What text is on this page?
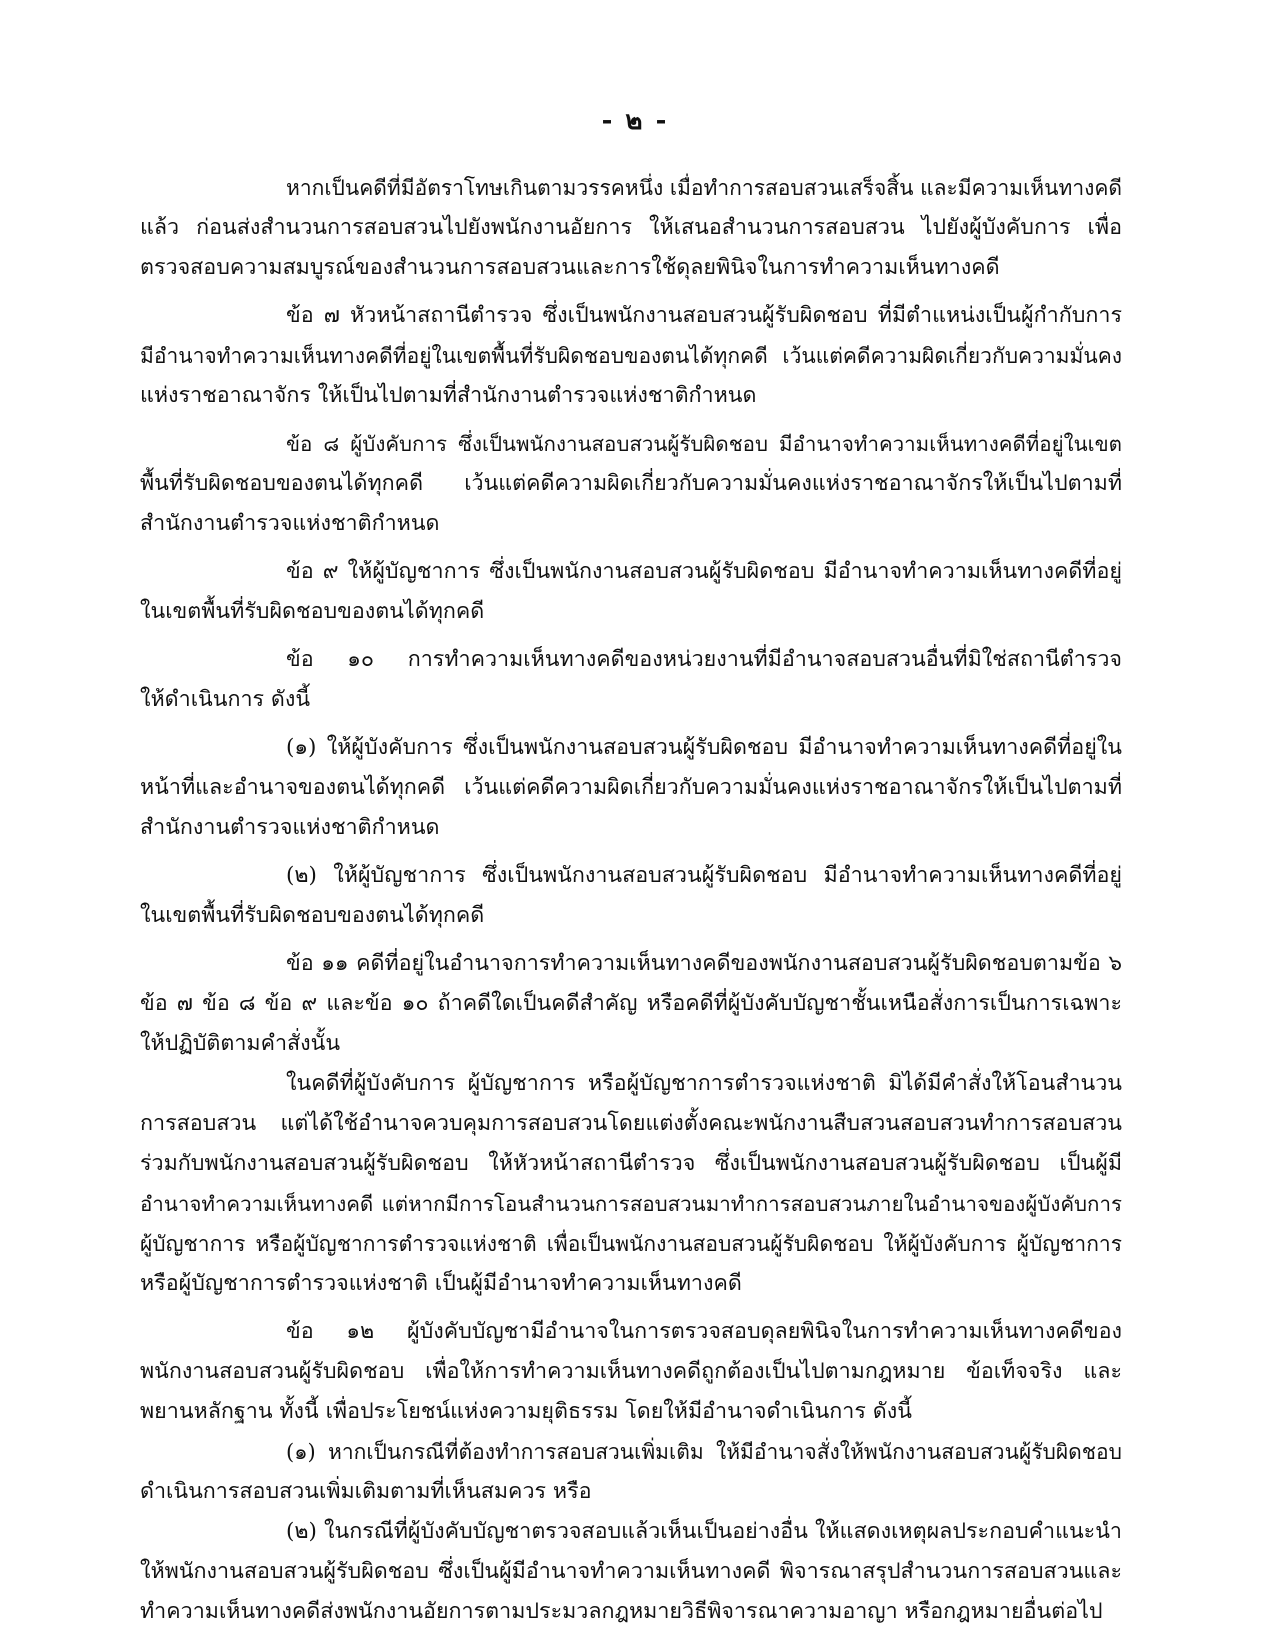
- ๒ -
หากเป็นคดีที่มีอัตราโทษเกินตามวรรคหนึ่ง เมื่อทำการสอบสวนเสร็จสิ้น และมีความเห็นทางคดี
แล้ว ก่อนส่งสำนวนการสอบสวนไปยังพนักงานอัยการ ให้เสนอสำนวนการสอบสวน ไปยังผู้บังคับการ เพื่อ
ตรวจสอบความสมบูรณ์ของสำนวนการสอบสวนและการใช้ดุลยพินิจในการทำความเห็นทางคดี
ข้อ ๗ หัวหน้าสถานีตำรวจ ซึ่งเป็นพนักงานสอบสวนผู้รับผิดชอบ ที่มีตำแหน่งเป็นผู้กำกับการ
มีอำนาจทำความเห็นทางคดีที่อยู่ในเขตพื้นที่รับผิดชอบของตนได้ทุกคดี เว้นแต่คดีความผิดเกี่ยวกับความมั่นคง
แห่งราชอาณาจักร ให้เป็นไปตามที่สำนักงานตำรวจแห่งชาติกำหนด
ข้อ ๘ ผู้บังคับการ ซึ่งเป็นพนักงานสอบสวนผู้รับผิดชอบ มีอำนาจทำความเห็นทางคดีที่อยู่ในเขต
พื้นที่รับผิดชอบของตนได้ทุกคดี เว้นแต่คดีความผิดเกี่ยวกับความมั่นคงแห่งราชอาณาจักรให้เป็นไปตามที่
สำนักงานตำรวจแห่งชาติกำหนด
ข้อ ๙ ให้ผู้บัญชาการ ซึ่งเป็นพนักงานสอบสวนผู้รับผิดชอบ มีอำนาจทำความเห็นทางคดีที่อยู่
ในเขตพื้นที่รับผิดชอบของตนได้ทุกคดี
ข้อ ๑๐ การทำความเห็นทางคดีของหน่วยงานที่มีอำนาจสอบสวนอื่นที่มิใช่สถานีตำรวจ
ให้ดำเนินการ ดังนี้
(๑) ให้ผู้บังคับการ ซึ่งเป็นพนักงานสอบสวนผู้รับผิดชอบ มีอำนาจทำความเห็นทางคดีที่อยู่ใน
หน้าที่และอำนาจของตนได้ทุกคดี เว้นแต่คดีความผิดเกี่ยวกับความมั่นคงแห่งราชอาณาจักรให้เป็นไปตามที่
สำนักงานตำรวจแห่งชาติกำหนด
(๒) ให้ผู้บัญชาการ ซึ่งเป็นพนักงานสอบสวนผู้รับผิดชอบ มีอำนาจทำความเห็นทางคดีที่อยู่
ในเขตพื้นที่รับผิดชอบของตนได้ทุกคดี
ข้อ ๑๑ คดีที่อยู่ในอำนาจการทำความเห็นทางคดีของพนักงานสอบสวนผู้รับผิดชอบตามข้อ ๖
ข้อ ๗ ข้อ ๘ ข้อ ๙ และข้อ ๑๐ ถ้าคดีใดเป็นคดีสำคัญ หรือคดีที่ผู้บังคับบัญชาชั้นเหนือสั่งการเป็นการเฉพาะ
ให้ปฏิบัติตามคำสั่งนั้น
ในคดีที่ผู้บังคับการ ผู้บัญชาการ หรือผู้บัญชาการตำรวจแห่งชาติ มิได้มีคำสั่งให้โอนสำนวน
การสอบสวน แต่ได้ใช้อำนาจควบคุมการสอบสวนโดยแต่งตั้งคณะพนักงานสืบสวนสอบสวนทำการสอบสวน
ร่วมกับพนักงานสอบสวนผู้รับผิดชอบ ให้หัวหน้าสถานีตำรวจ ซึ่งเป็นพนักงานสอบสวนผู้รับผิดชอบ เป็นผู้มี
อำนาจทำความเห็นทางคดี แต่หากมีการโอนสำนวนการสอบสวนมาทำการสอบสวนภายในอำนาจของผู้บังคับการ
ผู้บัญชาการ หรือผู้บัญชาการตำรวจแห่งชาติ เพื่อเป็นพนักงานสอบสวนผู้รับผิดชอบ ให้ผู้บังคับการ ผู้บัญชาการ
หรือผู้บัญชาการตำรวจแห่งชาติ เป็นผู้มีอำนาจทำความเห็นทางคดี
ข้อ ๑๒ ผู้บังคับบัญชามีอำนาจในการตรวจสอบดุลยพินิจในการทำความเห็นทางคดีของ
พนักงานสอบสวนผู้รับผิดชอบ เพื่อให้การทำความเห็นทางคดีถูกต้องเป็นไปตามกฎหมาย ข้อเท็จจริง และ
พยานหลักฐาน ทั้งนี้ เพื่อประโยชน์แห่งความยุติธรรม โดยให้มีอำนาจดำเนินการ ดังนี้
(๑) หากเป็นกรณีที่ต้องทำการสอบสวนเพิ่มเติม ให้มีอำนาจสั่งให้พนักงานสอบสวนผู้รับผิดชอบ
ดำเนินการสอบสวนเพิ่มเติมตามที่เห็นสมควร หรือ
(๒) ในกรณีที่ผู้บังคับบัญชาตรวจสอบแล้วเห็นเป็นอย่างอื่น ให้แสดงเหตุผลประกอบคำแนะนำ
ให้พนักงานสอบสวนผู้รับผิดชอบ ซึ่งเป็นผู้มีอำนาจทำความเห็นทางคดี พิจารณาสรุปสำนวนการสอบสวนและ
ทำความเห็นทางคดีส่งพนักงานอัยการตามประมวลกฎหมายวิธีพิจารณาความอาญา หรือกฎหมายอื่นต่อไป
